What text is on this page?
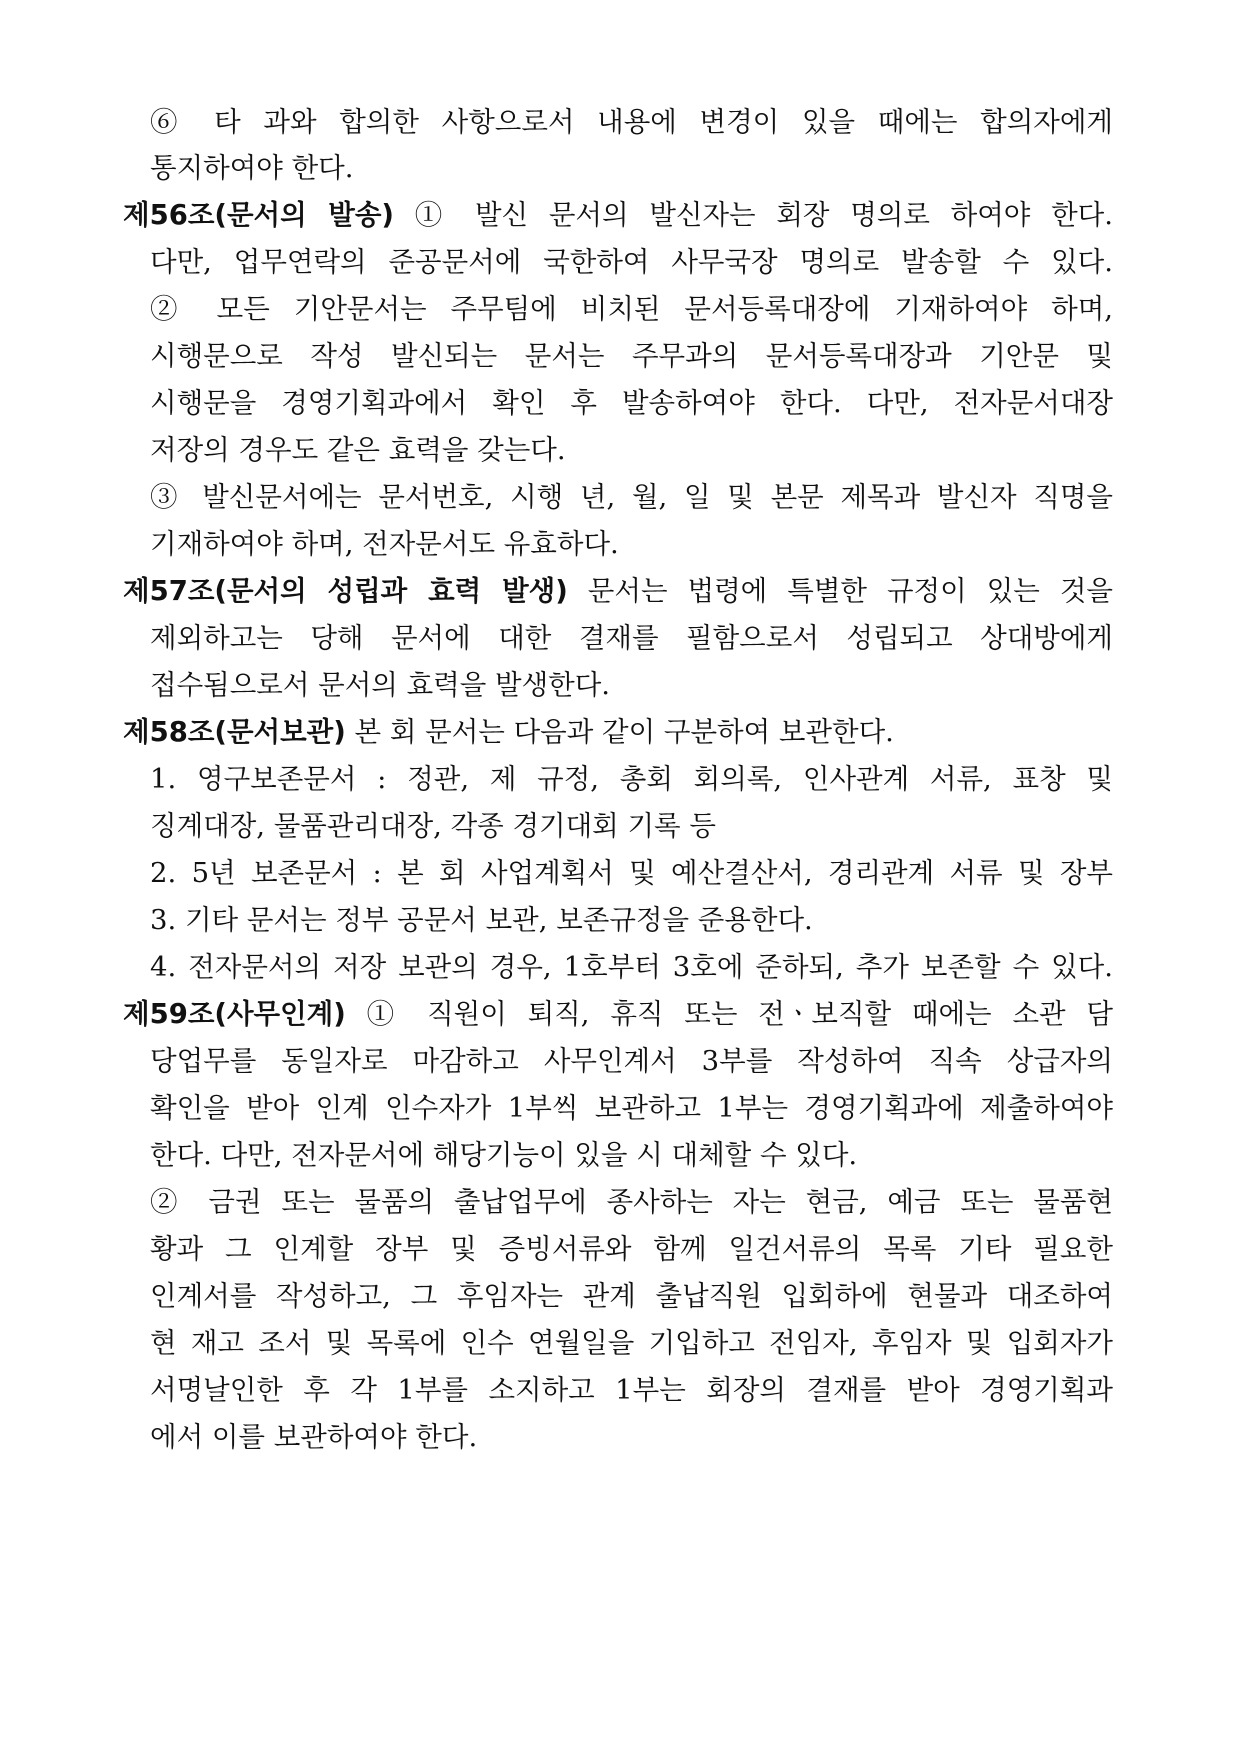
⑥ 타 과와 합의한 사항으로서 내용에 변경이 있을 때에는 합의자에게
통지하여야 한다.
제56조(문서의 발송) ① 발신 문서의 발신자는 회장 명의로 하여야 한다.
다만, 업무연락의 준공문서에 국한하여 사무국장 명의로 발송할 수 있다.
② 모든 기안문서는 주무팀에 비치된 문서등록대장에 기재하여야 하며,
시행문으로 작성 발신되는 문서는 주무과의 문서등록대장과 기안문 및
시행문을 경영기획과에서 확인 후 발송하여야 한다. 다만, 전자문서대장
저장의 경우도 같은 효력을 갖는다.
③ 발신문서에는 문서번호, 시행 년, 월, 일 및 본문 제목과 발신자 직명을
기재하여야 하며, 전자문서도 유효하다.
제57조(문서의 성립과 효력 발생) 문서는 법령에 특별한 규정이 있는 것을
제외하고는 당해 문서에 대한 결재를 필함으로서 성립되고 상대방에게
접수됨으로서 문서의 효력을 발생한다.
제58조(문서보관) 본 회 문서는 다음과 같이 구분하여 보관한다.
1. 영구보존문서 : 정관, 제 규정, 총회 회의록, 인사관계 서류, 표창 및
징계대장, 물품관리대장, 각종 경기대회 기록 등
2. 5년 보존문서 : 본 회 사업계획서 및 예산결산서, 경리관계 서류 및 장부
3. 기타 문서는 정부 공문서 보관, 보존규정을 준용한다.
4. 전자문서의 저장 보관의 경우, 1호부터 3호에 준하되, 추가 보존할 수 있다.
제59조(사무인계) ① 직원이 퇴직, 휴직 또는 전ㆍ보직할 때에는 소관 담
당업무를 동일자로 마감하고 사무인계서 3부를 작성하여 직속 상급자의
확인을 받아 인계 인수자가 1부씩 보관하고 1부는 경영기획과에 제출하여야
한다. 다만, 전자문서에 해당기능이 있을 시 대체할 수 있다.
② 금권 또는 물품의 출납업무에 종사하는 자는 현금, 예금 또는 물품현
황과 그 인계할 장부 및 증빙서류와 함께 일건서류의 목록 기타 필요한
인계서를 작성하고, 그 후임자는 관계 출납직원 입회하에 현물과 대조하여
현 재고 조서 및 목록에 인수 연월일을 기입하고 전임자, 후임자 및 입회자가
서명날인한 후 각 1부를 소지하고 1부는 회장의 결재를 받아 경영기획과
에서 이를 보관하여야 한다.
